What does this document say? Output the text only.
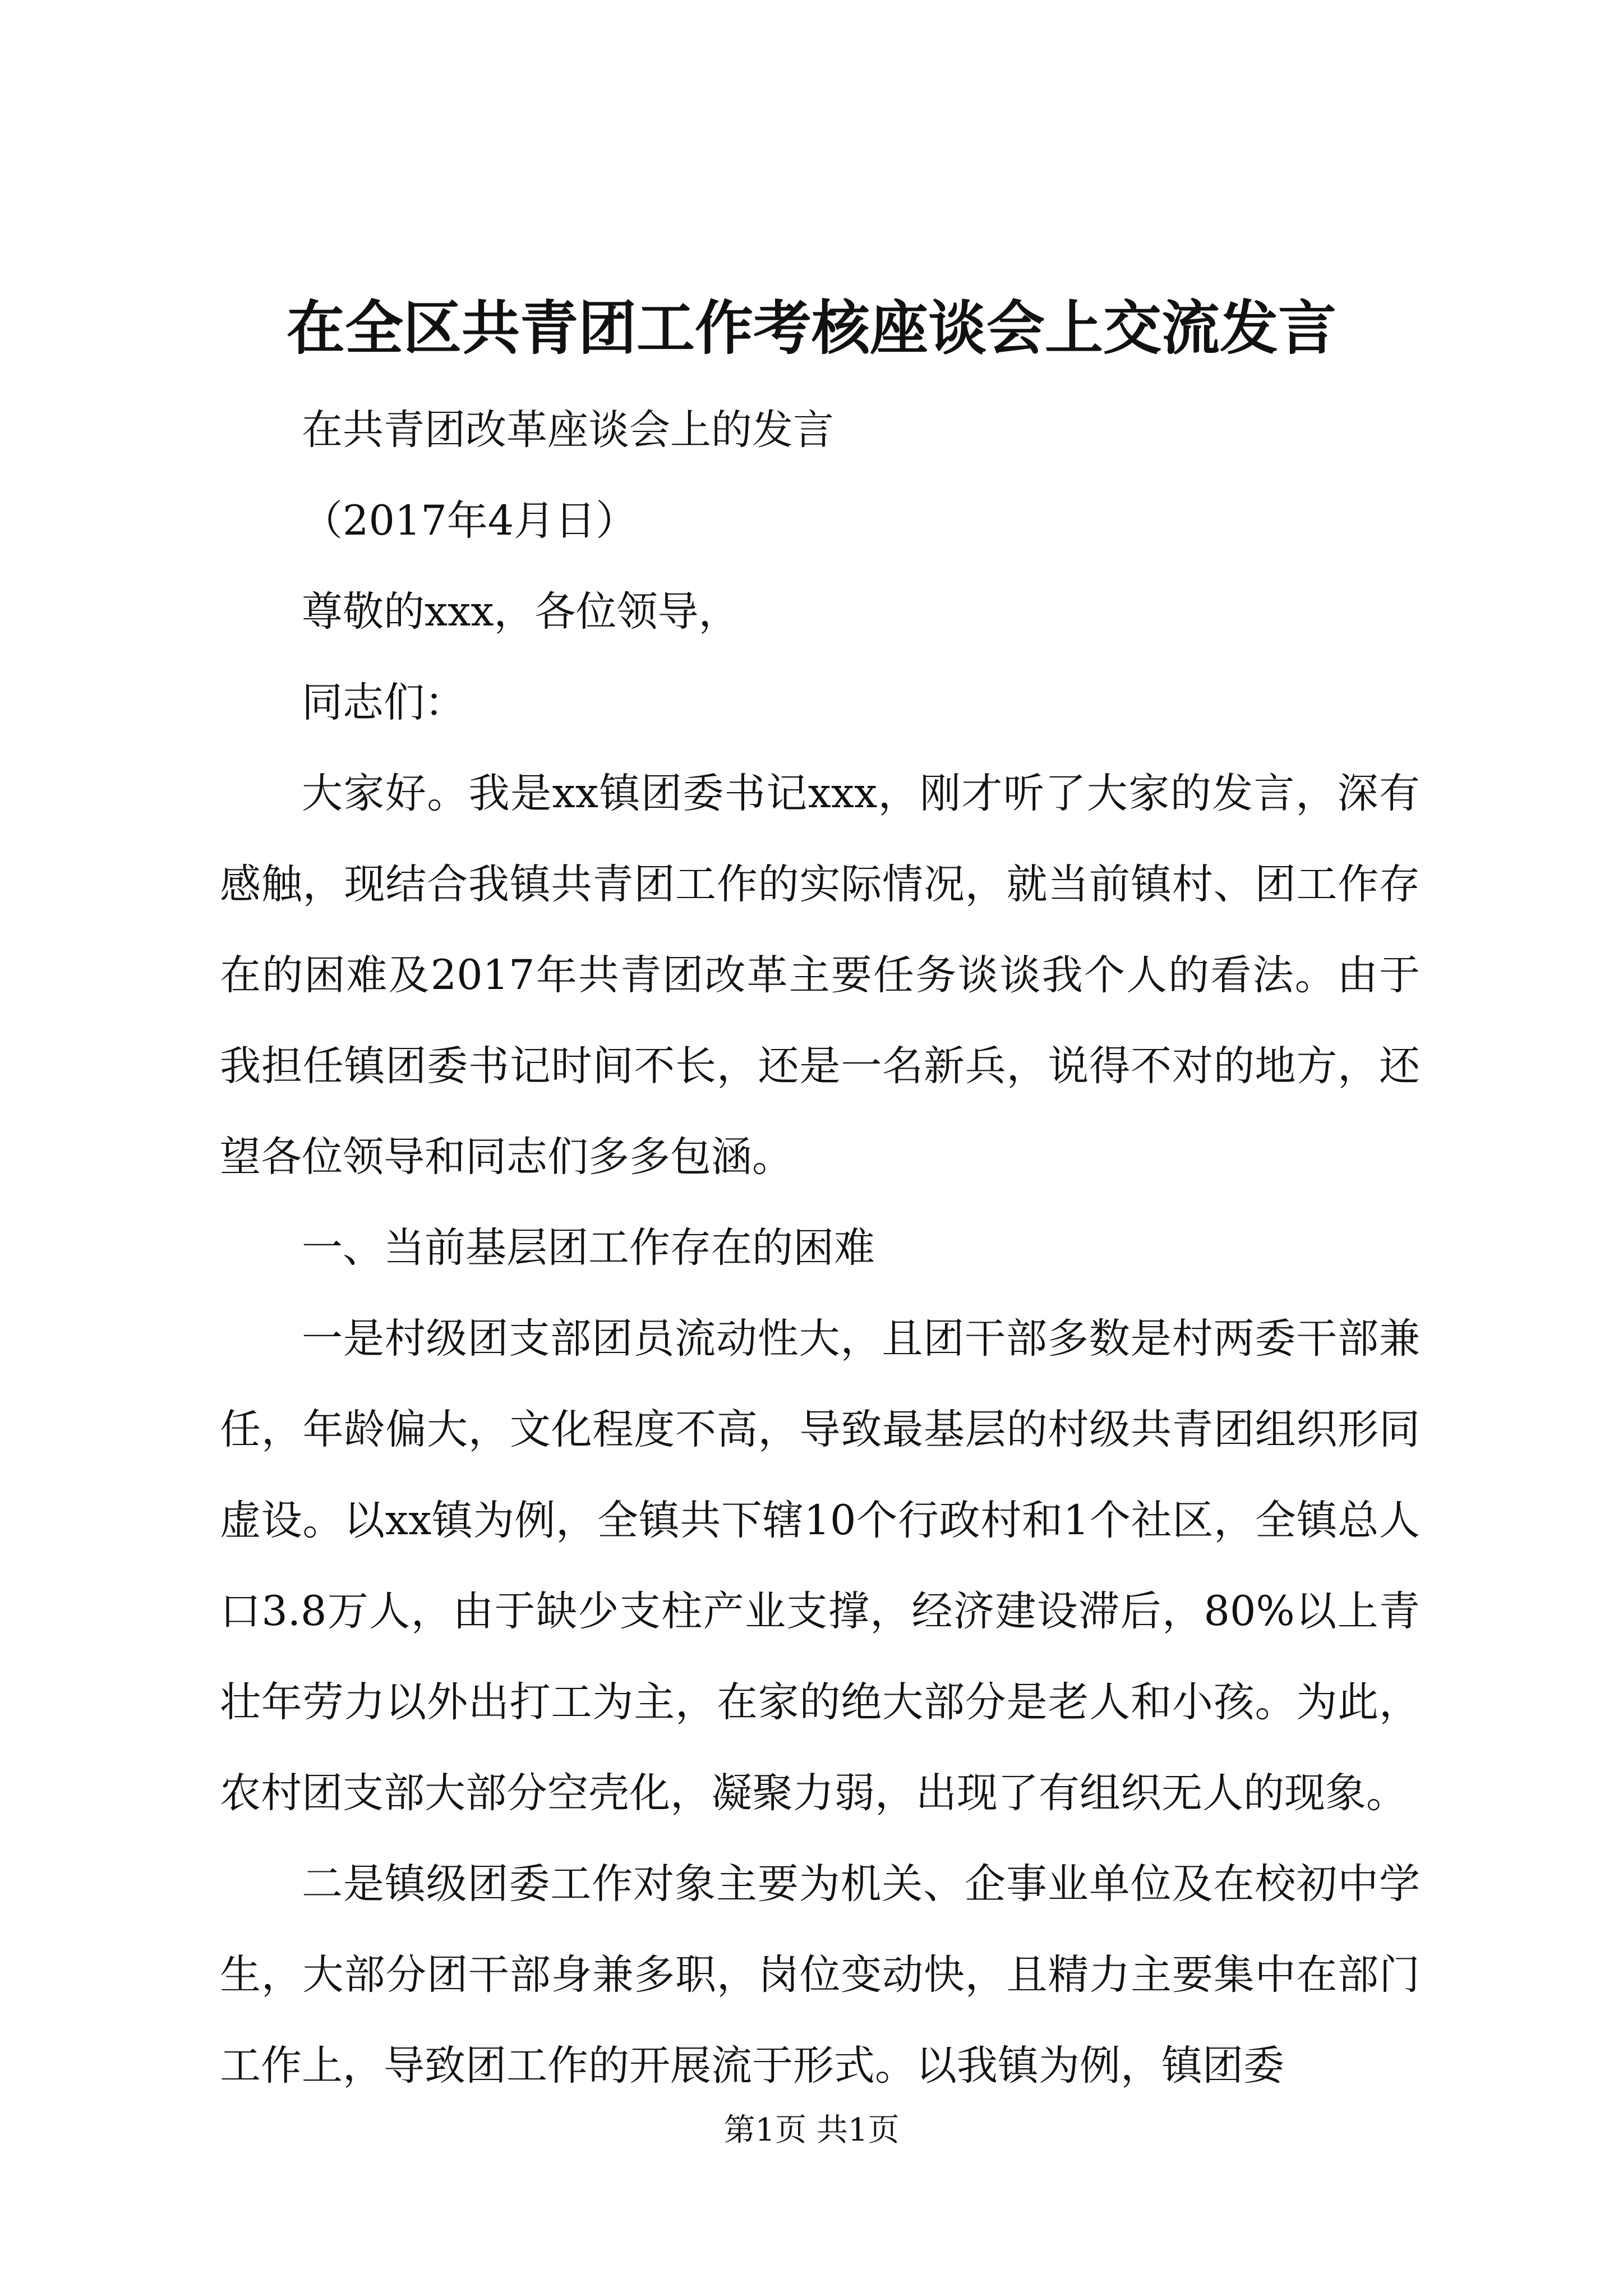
在全区共青团工作考核座谈会上交流发言

在共青团改革座谈会上的发言

（2017年4月日）

尊敬的xxx，各位领导，

同志们：

大家好。我是xx镇团委书记xxx，刚才听了大家的发言，深有感触，现结合我镇共青团工作的实际情况，就当前镇村、团工作存在的困难及2017年共青团改革主要任务谈谈我个人的看法。由于我担任镇团委书记时间不长，还是一名新兵，说得不对的地方，还望各位领导和同志们多多包涵。

一、当前基层团工作存在的困难

一是村级团支部团员流动性大，且团干部多数是村两委干部兼任，年龄偏大，文化程度不高，导致最基层的村级共青团组织形同虚设。以xx镇为例，全镇共下辖10个行政村和1个社区，全镇总人口3.8万人，由于缺少支柱产业支撑，经济建设滞后，80%以上青壮年劳力以外出打工为主，在家的绝大部分是老人和小孩。为此，农村团支部大部分空壳化，凝聚力弱，出现了有组织无人的现象。

二是镇级团委工作对象主要为机关、企事业单位及在校初中学生，大部分团干部身兼多职，岗位变动快，且精力主要集中在部门工作上，导致团工作的开展流于形式。以我镇为例，镇团委

第1页 共1页
